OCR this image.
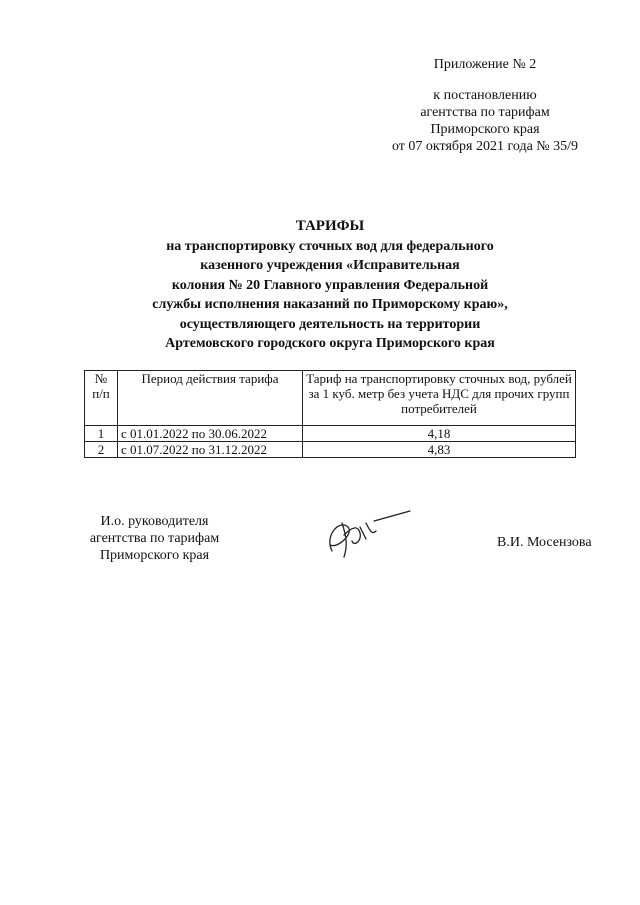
Приложение № 2
к постановлению
агентства по тарифам
Приморского края
от 07 октября 2021 года № 35/9
ТАРИФЫ
на транспортировку сточных вод для федерального
казенного учреждения «Исправительная
колония № 20 Главного управления Федеральной
службы исполнения наказаний по Приморскому краю»,
осуществляющего деятельность на территории
Артемовского городского округа Приморского края
№ п/п	Период действия тарифа	Тариф на транспортировку сточных вод, рублей за 1 куб. метр без учета НДС для прочих групп потребителей
1	с 01.01.2022 по 30.06.2022	4,18
2	с 01.07.2022 по 31.12.2022	4,83
И.о. руководителя
агентства по тарифам
Приморского края
В.И. Мосензова
